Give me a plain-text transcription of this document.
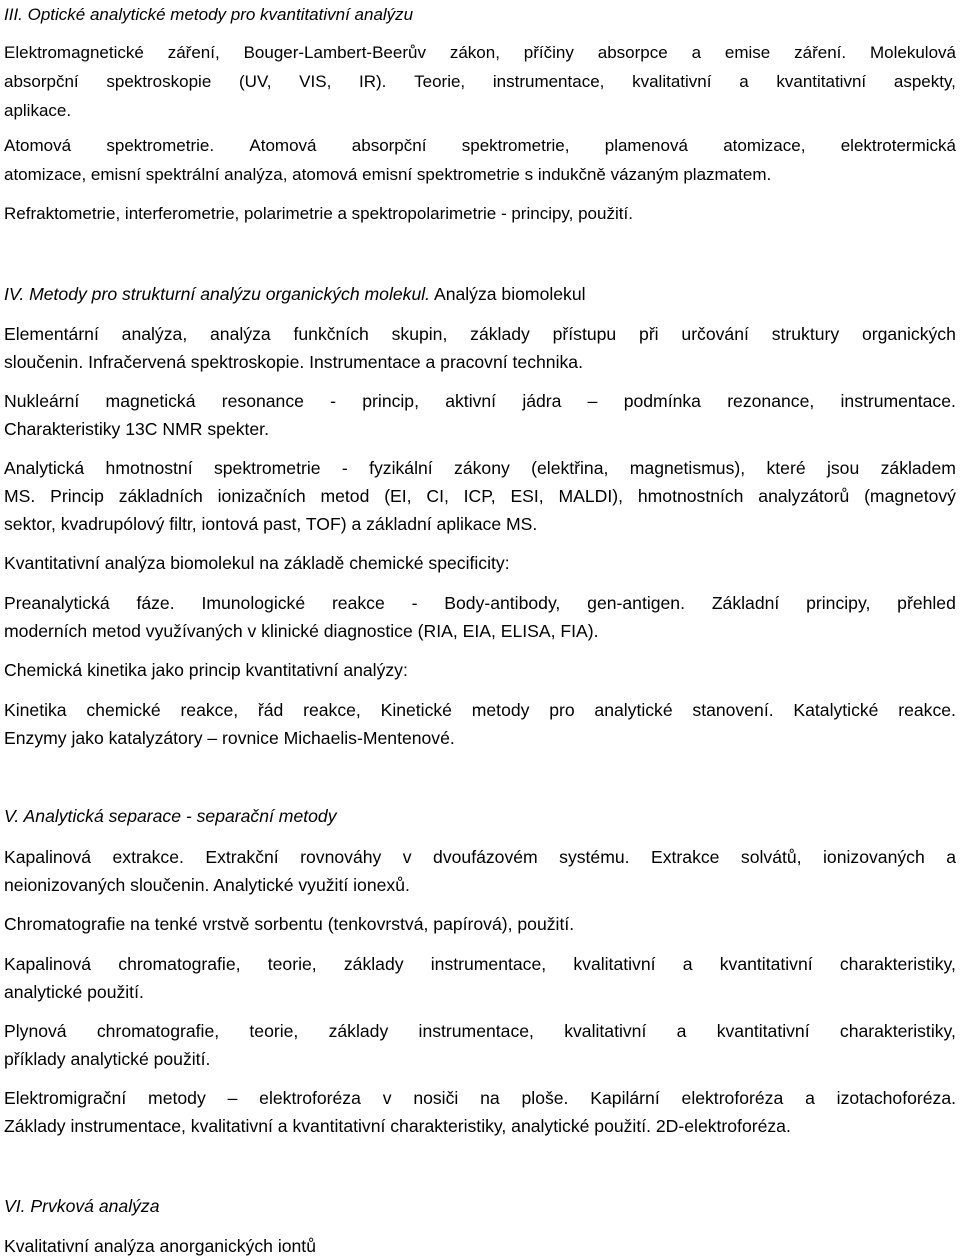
III. Optické analytické metody pro kvantitativní analýzu
Elektromagnetické záření, Bouger-Lambert-Beerův zákon, příčiny absorpce a emise záření. Molekulová
absorpční spektroskopie (UV, VIS, IR). Teorie, instrumentace, kvalitativní a kvantitativní aspekty,
aplikace.
Atomová spektrometrie. Atomová absorpční spektrometrie, plamenová atomizace, elektrotermická
atomizace, emisní spektrální analýza, atomová emisní spektrometrie s indukčně vázaným plazmatem.
Refraktometrie, interferometrie, polarimetrie a spektropolarimetrie - principy, použití.
IV. Metody pro strukturní analýzu organických molekul. Analýza biomolekul
Elementární analýza, analýza funkčních skupin, základy přístupu při určování struktury organických
sloučenin. Infračervená spektroskopie. Instrumentace a pracovní technika.
Nukleární magnetická resonance - princip, aktivní jádra – podmínka rezonance, instrumentace.
Charakteristiky 13C NMR spekter.
Analytická hmotnostní spektrometrie - fyzikální zákony (elektřina, magnetismus), které jsou základem
MS. Princip základních ionizačních metod (EI, CI, ICP, ESI, MALDI), hmotnostních analyzátorů (magnetový
sektor, kvadrupólový filtr, iontová past, TOF) a základní aplikace MS.
Kvantitativní analýza biomolekul na základě chemické specificity:
Preanalytická fáze. Imunologické reakce - Body-antibody, gen-antigen. Základní principy, přehled
moderních metod využívaných v klinické diagnostice (RIA, EIA, ELISA, FIA).
Chemická kinetika jako princip kvantitativní analýzy:
Kinetika chemické reakce, řád reakce, Kinetické metody pro analytické stanovení. Katalytické reakce.
Enzymy jako katalyzátory – rovnice Michaelis-Mentenové.
V. Analytická separace - separační metody
Kapalinová extrakce. Extrakční rovnováhy v dvoufázovém systému. Extrakce solvátů, ionizovaných a
neionizovaných sloučenin. Analytické využití ionexů.
Chromatografie na tenké vrstvě sorbentu (tenkovrstvá, papírová), použití.
Kapalinová chromatografie, teorie, základy instrumentace, kvalitativní a kvantitativní charakteristiky,
analytické použití.
Plynová chromatografie, teorie, základy instrumentace, kvalitativní a kvantitativní charakteristiky,
příklady analytické použití.
Elektromigrační metody – elektroforéza v nosiči na ploše. Kapilární elektroforéza a izotachoforéza.
Základy instrumentace, kvalitativní a kvantitativní charakteristiky, analytické použití. 2D-elektroforéza.
VI. Prvková analýza
Kvalitativní analýza anorganických iontů
